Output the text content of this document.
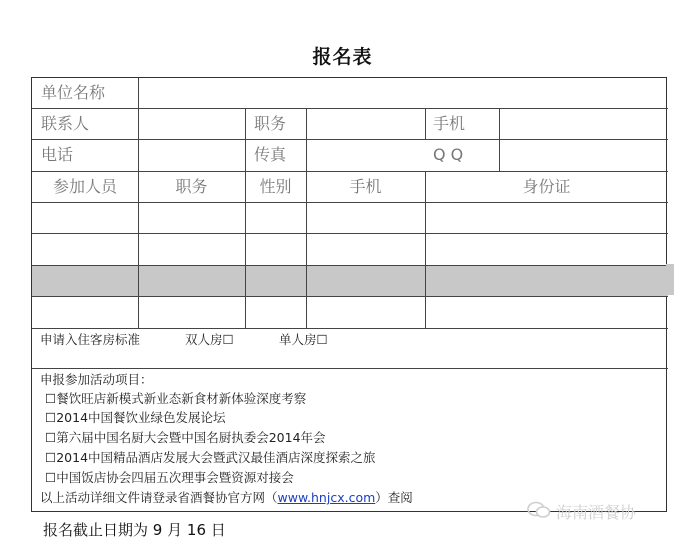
报名表
单位名称
联系人	职务	手机
电话	传真	Q Q
参加人员	职务	性别	手机	身份证
申请入住客房标准	双人房☐	单人房☐
申报参加活动项目：
☐餐饮旺店新模式新业态新食材新体验深度考察
☐2014中国餐饮业绿色发展论坛
☐第六届中国名厨大会暨中国名厨执委会2014年会
☐2014中国精品酒店发展大会暨武汉最佳酒店深度探索之旅
☐中国饭店协会四届五次理事会暨资源对接会
以上活动详细文件请登录省酒餐协官方网（www.hnjcx.com）查阅
报名截止日期为 9 月 16 日
海南酒餐协
